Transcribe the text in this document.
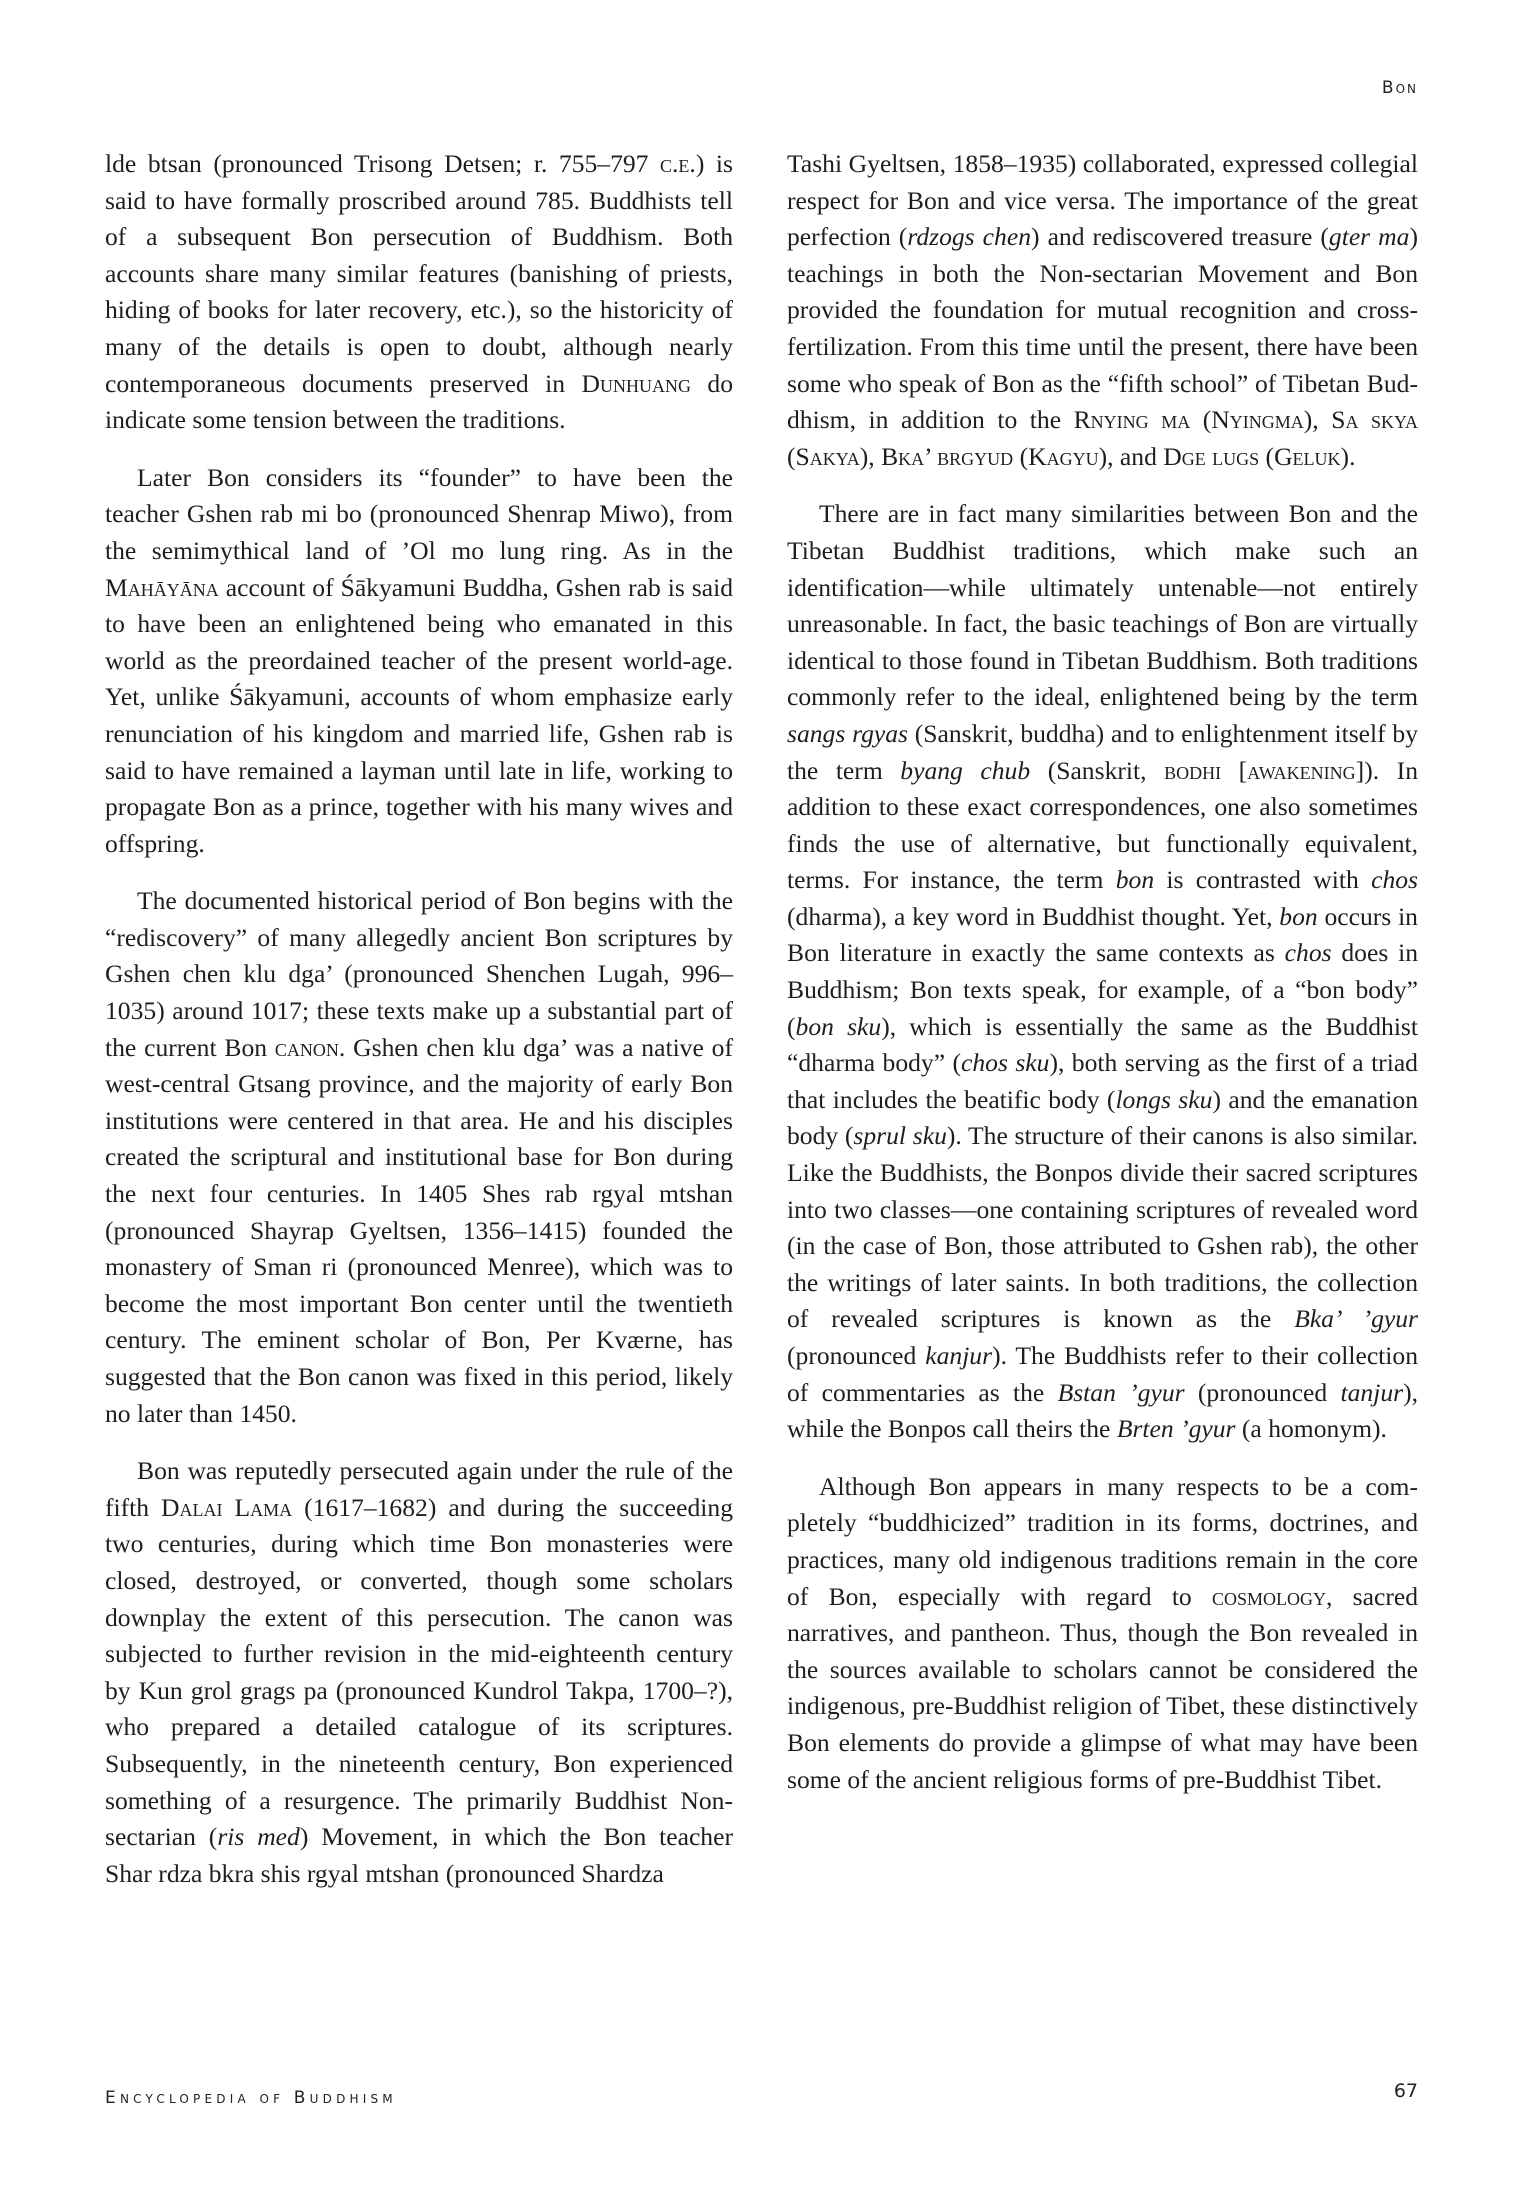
Bon

lde btsan (pronounced Trisong Detsen; r. 755–797 c.e.) is said to have formally proscribed around 785. Buddhists tell of a subsequent Bon persecution of Buddhism. Both accounts share many similar features (banishing of priests, hiding of books for later recovery, etc.), so the historicity of many of the details is open to doubt, although nearly contemporaneous documents preserved in Dunhuang do indicate some tension between the traditions.

Later Bon considers its “founder” to have been the teacher Gshen rab mi bo (pronounced Shenrap Miwo), from the semimythical land of ’Ol mo lung ring. As in the Mahāyāna account of Śākyamuni Buddha, Gshen rab is said to have been an enlightened being who emanated in this world as the preordained teacher of the present world-age. Yet, unlike Śākyamuni, accounts of whom emphasize early renunciation of his kingdom and married life, Gshen rab is said to have remained a layman until late in life, working to propagate Bon as a prince, together with his many wives and offspring.

The documented historical period of Bon begins with the “rediscovery” of many allegedly ancient Bon scriptures by Gshen chen klu dga’ (pronounced Shenchen Lugah, 996–1035) around 1017; these texts make up a substantial part of the current Bon canon. Gshen chen klu dga’ was a native of west-central Gtsang province, and the majority of early Bon institutions were centered in that area. He and his disciples created the scriptural and institutional base for Bon during the next four centuries. In 1405 Shes rab rgyal mtshan (pronounced Shayrap Gyeltsen, 1356–1415) founded the monastery of Sman ri (pronounced Menree), which was to become the most important Bon center until the twentieth century. The eminent scholar of Bon, Per Kværne, has suggested that the Bon canon was fixed in this period, likely no later than 1450.

Bon was reputedly persecuted again under the rule of the fifth Dalai Lama (1617–1682) and during the succeeding two centuries, during which time Bon monasteries were closed, destroyed, or converted, though some scholars downplay the extent of this persecution. The canon was subjected to further revision in the mid-eighteenth century by Kun grol grags pa (pronounced Kundrol Takpa, 1700–?), who prepared a detailed catalogue of its scriptures. Subsequently, in the nineteenth century, Bon experienced something of a resurgence. The primarily Buddhist Non-sectarian (ris med) Movement, in which the Bon teacher Shar rdza bkra shis rgyal mtshan (pronounced Shardza

Tashi Gyeltsen, 1858–1935) collaborated, expressed collegial respect for Bon and vice versa. The importance of the great perfection (rdzogs chen) and rediscovered treasure (gter ma) teachings in both the Non-sectarian Movement and Bon provided the foundation for mutual recognition and cross-fertilization. From this time until the present, there have been some who speak of Bon as the “fifth school” of Tibetan Buddhism, in addition to the Rnying ma (Nyingma), Sa skya (Sakya), Bka’ brgyud (Kagyu), and Dge lugs (Geluk).

There are in fact many similarities between Bon and the Tibetan Buddhist traditions, which make such an identification—while ultimately untenable—not entirely unreasonable. In fact, the basic teachings of Bon are virtually identical to those found in Tibetan Buddhism. Both traditions commonly refer to the ideal, enlightened being by the term sangs rgyas (Sanskrit, buddha) and to enlightenment itself by the term byang chub (Sanskrit, bodhi [awakening]). In addition to these exact correspondences, one also sometimes finds the use of alternative, but functionally equivalent, terms. For instance, the term bon is contrasted with chos (dharma), a key word in Buddhist thought. Yet, bon occurs in Bon literature in exactly the same contexts as chos does in Buddhism; Bon texts speak, for example, of a “bon body” (bon sku), which is essentially the same as the Buddhist “dharma body” (chos sku), both serving as the first of a triad that includes the beatific body (longs sku) and the emanation body (sprul sku). The structure of their canons is also similar. Like the Buddhists, the Bonpos divide their sacred scriptures into two classes—one containing scriptures of revealed word (in the case of Bon, those attributed to Gshen rab), the other the writings of later saints. In both traditions, the collection of revealed scriptures is known as the Bka’ ’gyur (pronounced kanjur). The Buddhists refer to their collection of commentaries as the Bstan ’gyur (pronounced tanjur), while the Bonpos call theirs the Brten ’gyur (a homonym).

Although Bon appears in many respects to be a completely “buddhicized” tradition in its forms, doctrines, and practices, many old indigenous traditions remain in the core of Bon, especially with regard to cosmology, sacred narratives, and pantheon. Thus, though the Bon revealed in the sources available to scholars cannot be considered the indigenous, pre-Buddhist religion of Tibet, these distinctively Bon elements do provide a glimpse of what may have been some of the ancient religious forms of pre-Buddhist Tibet.

Encyclopedia of Buddhism	67
